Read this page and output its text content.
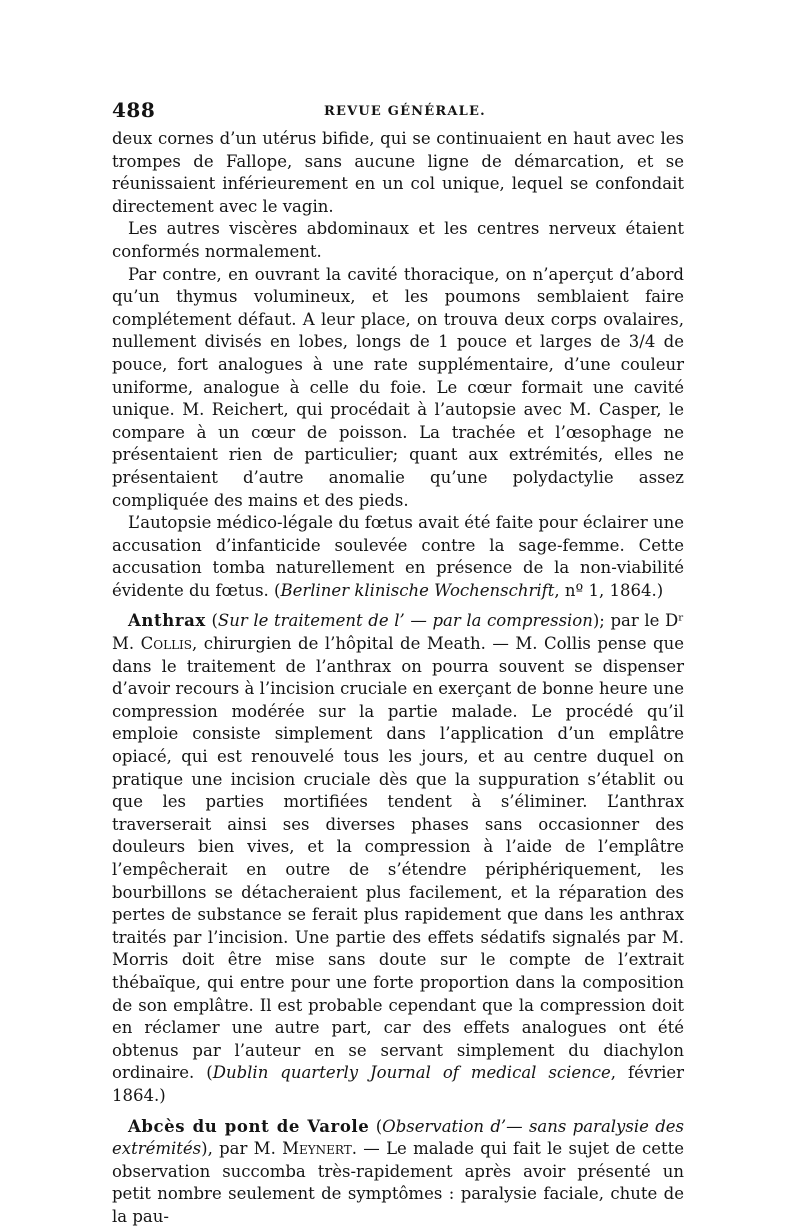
488	REVUE GÉNÉRALE.

deux cornes d’un utérus bifide, qui se continuaient en haut avec les trompes de Fallope, sans aucune ligne de démarcation, et se réunissaient inférieurement en un col unique, lequel se confondait directement avec le vagin.

Les autres viscères abdominaux et les centres nerveux étaient conformés normalement.

Par contre, en ouvrant la cavité thoracique, on n’aperçut d’abord qu’un thymus volumineux, et les poumons semblaient faire complétement défaut. A leur place, on trouva deux corps ovalaires, nullement divisés en lobes, longs de 1 pouce et larges de 3/4 de pouce, fort analogues à une rate supplémentaire, d’une couleur uniforme, analogue à celle du foie. Le cœur formait une cavité unique. M. Reichert, qui procédait à l’autopsie avec M. Casper, le compare à un cœur de poisson. La trachée et l’œsophage ne présentaient rien de particulier; quant aux extrémités, elles ne présentaient d’autre anomalie qu’une polydactylie assez compliquée des mains et des pieds.

L’autopsie médico-légale du fœtus avait été faite pour éclairer une accusation d’infanticide soulevée contre la sage-femme. Cette accusation tomba naturellement en présence de la non-viabilité évidente du fœtus. (Berliner klinische Wochenschrift, nº 1, 1864.)

Anthrax (Sur le traitement de l’ — par la compression); par le Dʳ M. Collis, chirurgien de l’hôpital de Meath. — M. Collis pense que dans le traitement de l’anthrax on pourra souvent se dispenser d’avoir recours à l’incision cruciale en exerçant de bonne heure une compression modérée sur la partie malade. Le procédé qu’il emploie consiste simplement dans l’application d’un emplâtre opiacé, qui est renouvelé tous les jours, et au centre duquel on pratique une incision cruciale dès que la suppuration s’établit ou que les parties mortifiées tendent à s’éliminer. L’anthrax traverserait ainsi ses diverses phases sans occasionner des douleurs bien vives, et la compression à l’aide de l’emplâtre l’empêcherait en outre de s’étendre périphériquement, les bourbillons se détacheraient plus facilement, et la réparation des pertes de substance se ferait plus rapidement que dans les anthrax traités par l’incision. Une partie des effets sédatifs signalés par M. Morris doit être mise sans doute sur le compte de l’extrait thébaïque, qui entre pour une forte proportion dans la composition de son emplâtre. Il est probable cependant que la compression doit en réclamer une autre part, car des effets analogues ont été obtenus par l’auteur en se servant simplement du diachylon ordinaire. (Dublin quarterly Journal of medical science, février 1864.)

Abcès du pont de Varole (Observation d’— sans paralysie des extrémités), par M. Meynert. — Le malade qui fait le sujet de cette observation succomba très-rapidement après avoir présenté un petit nombre seulement de symptômes : paralysie faciale, chute de la pau-
